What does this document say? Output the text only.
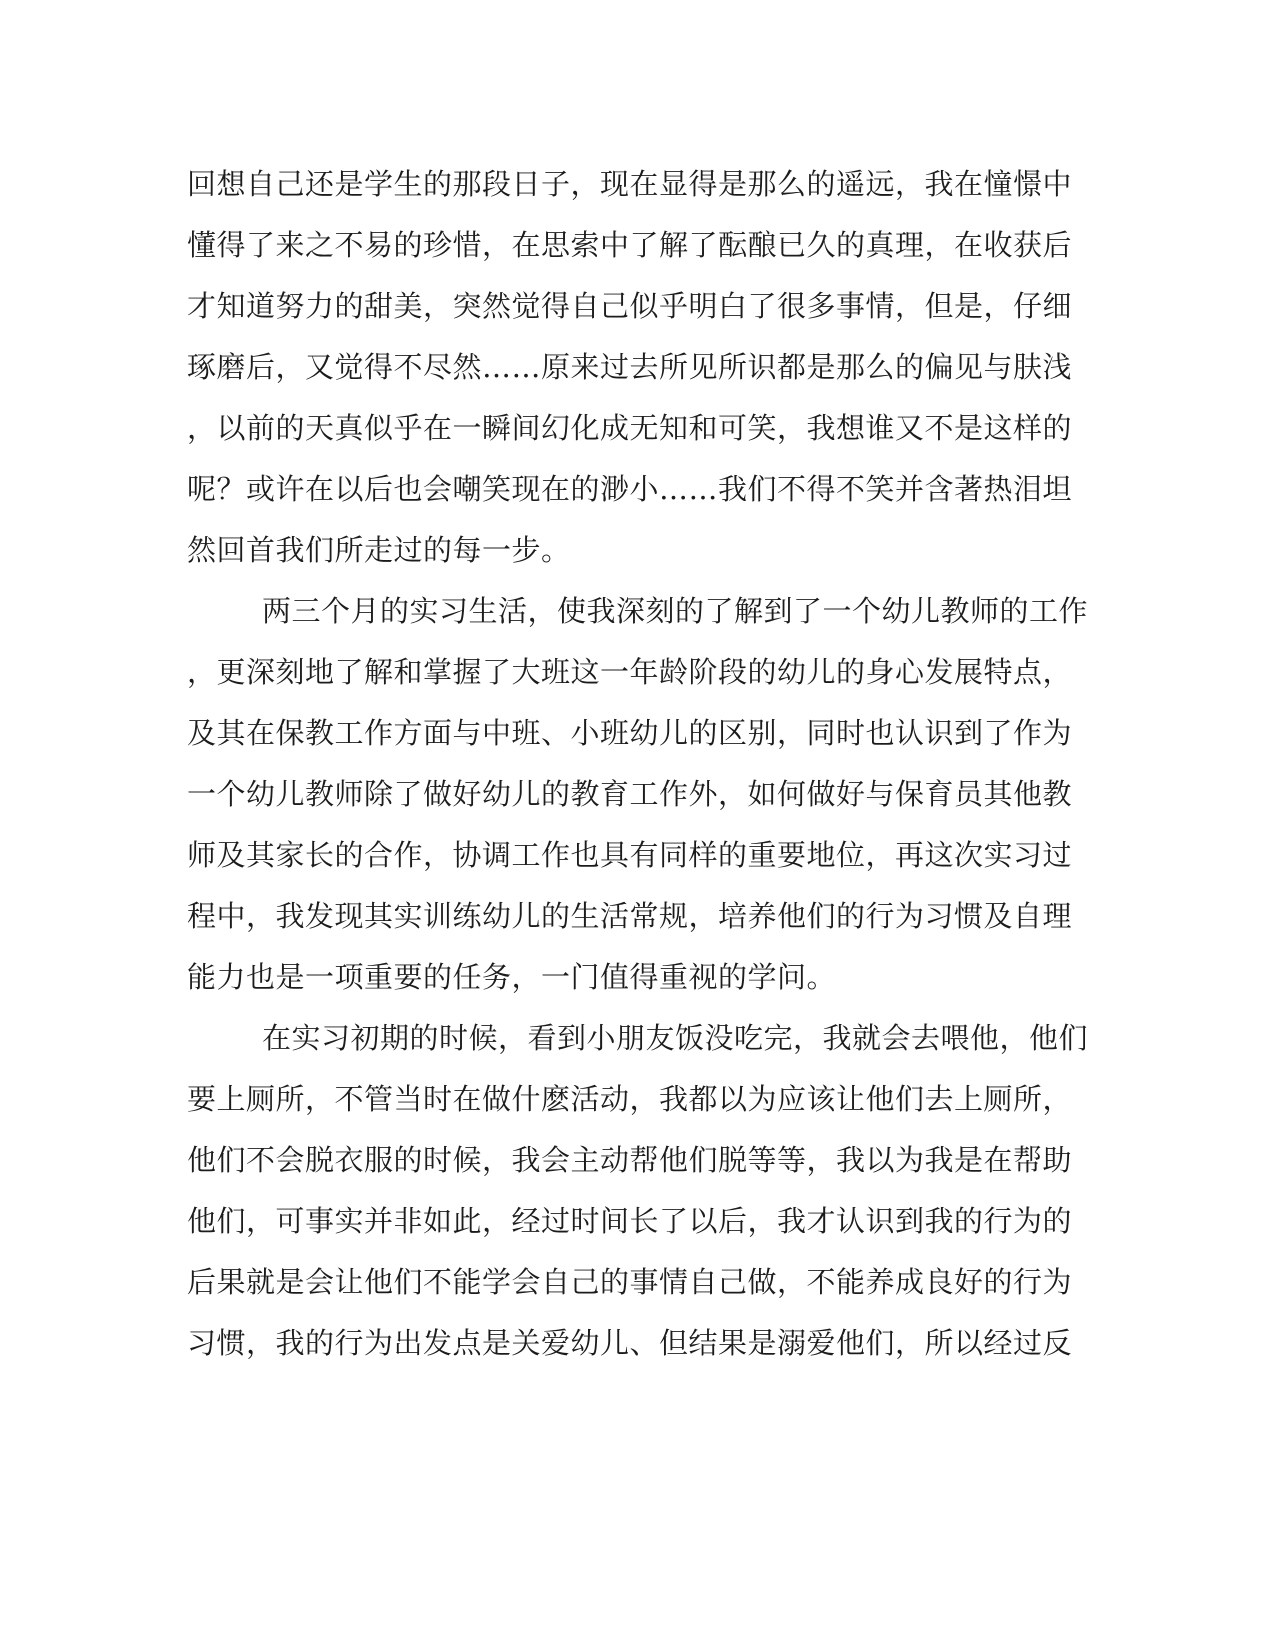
回想自己还是学生的那段日子，现在显得是那么的遥远，我在憧憬中
懂得了来之不易的珍惜，在思索中了解了酝酿已久的真理，在收获后
才知道努力的甜美，突然觉得自己似乎明白了很多事情，但是，仔细
琢磨后，又觉得不尽然……原来过去所见所识都是那么的偏见与肤浅
，以前的天真似乎在一瞬间幻化成无知和可笑，我想谁又不是这样的
呢？或许在以后也会嘲笑现在的渺小……我们不得不笑并含著热泪坦
然回首我们所走过的每一步。
两三个月的实习生活，使我深刻的了解到了一个幼儿教师的工作
，更深刻地了解和掌握了大班这一年龄阶段的幼儿的身心发展特点，
及其在保教工作方面与中班、小班幼儿的区别，同时也认识到了作为
一个幼儿教师除了做好幼儿的教育工作外，如何做好与保育员其他教
师及其家长的合作，协调工作也具有同样的重要地位，再这次实习过
程中，我发现其实训练幼儿的生活常规，培养他们的行为习惯及自理
能力也是一项重要的任务，一门值得重视的学问。
在实习初期的时候，看到小朋友饭没吃完，我就会去喂他，他们
要上厕所，不管当时在做什麽活动，我都以为应该让他们去上厕所，
他们不会脱衣服的时候，我会主动帮他们脱等等，我以为我是在帮助
他们，可事实并非如此，经过时间长了以后，我才认识到我的行为的
后果就是会让他们不能学会自己的事情自己做，不能养成良好的行为
习惯，我的行为出发点是关爱幼儿、但结果是溺爱他们，所以经过反
